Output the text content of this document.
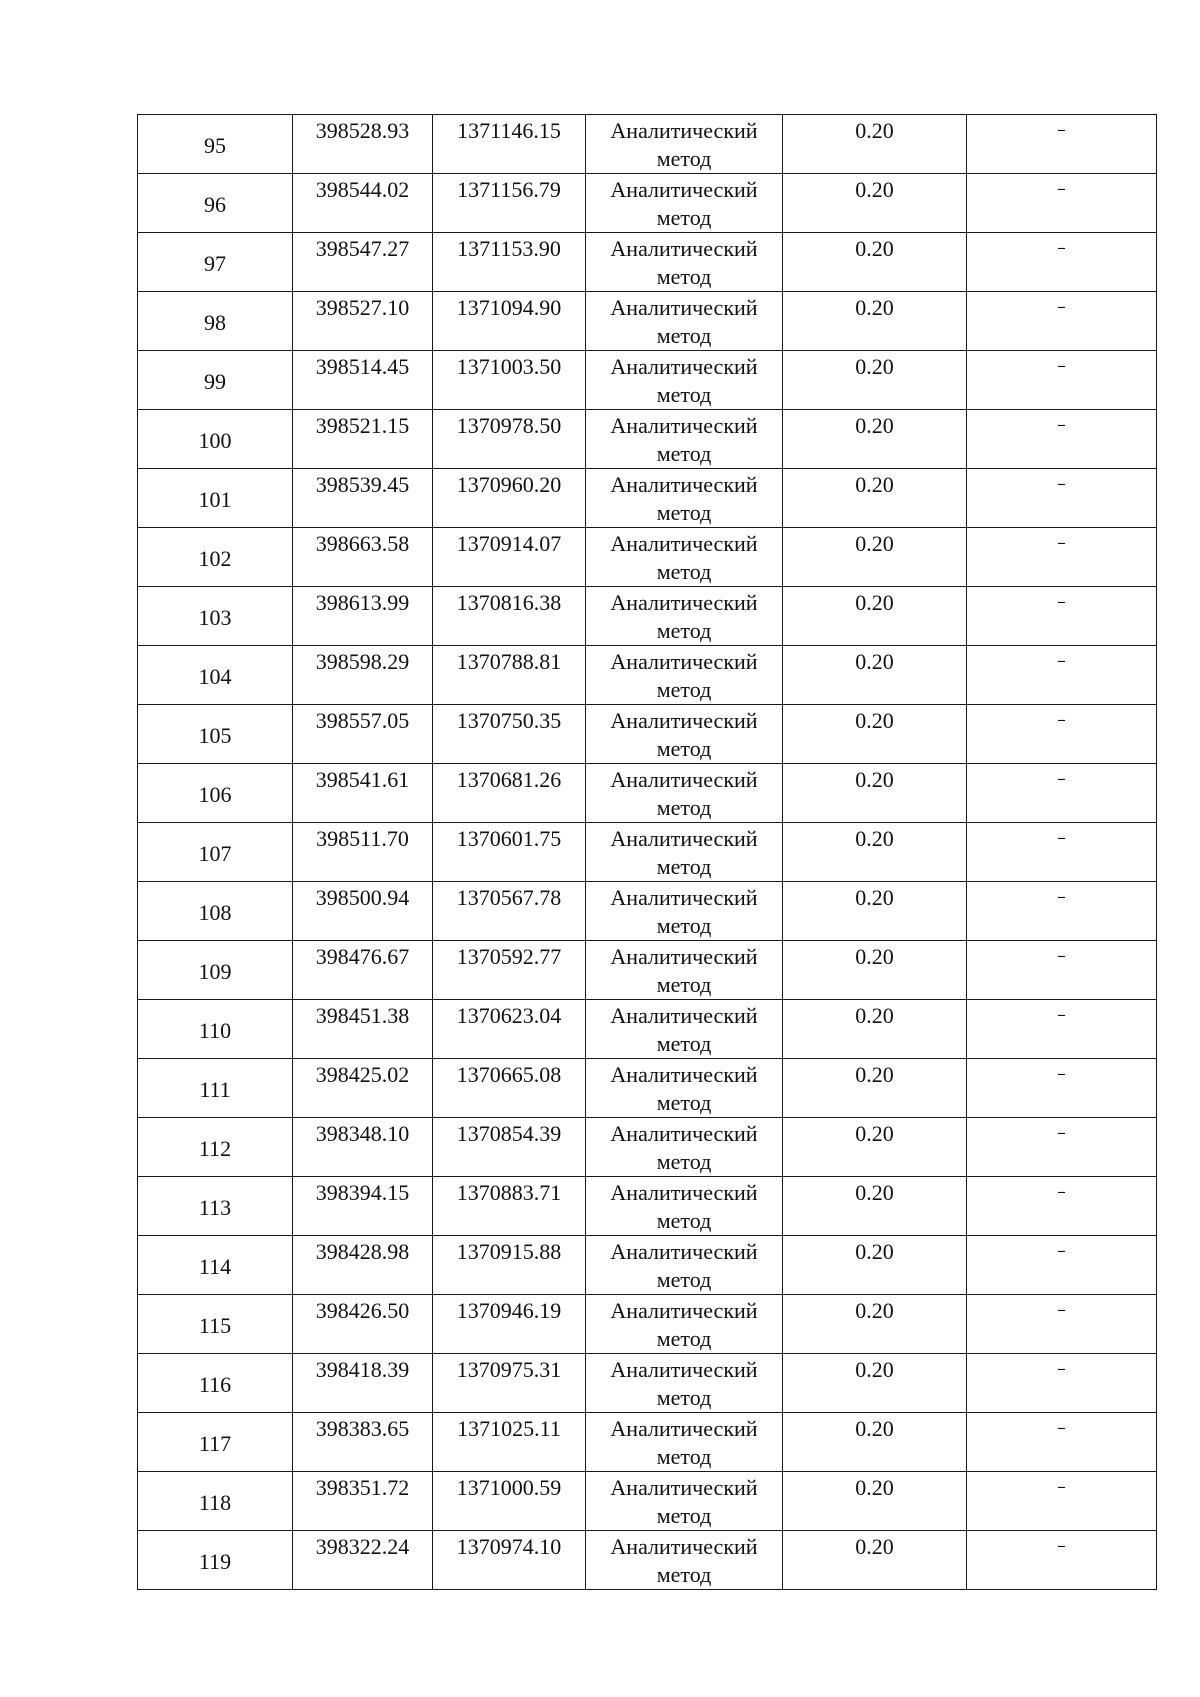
95	398528.93	1371146.15	Аналитический метод	0.20	–
96	398544.02	1371156.79	Аналитический метод	0.20	–
97	398547.27	1371153.90	Аналитический метод	0.20	–
98	398527.10	1371094.90	Аналитический метод	0.20	–
99	398514.45	1371003.50	Аналитический метод	0.20	–
100	398521.15	1370978.50	Аналитический метод	0.20	–
101	398539.45	1370960.20	Аналитический метод	0.20	–
102	398663.58	1370914.07	Аналитический метод	0.20	–
103	398613.99	1370816.38	Аналитический метод	0.20	–
104	398598.29	1370788.81	Аналитический метод	0.20	–
105	398557.05	1370750.35	Аналитический метод	0.20	–
106	398541.61	1370681.26	Аналитический метод	0.20	–
107	398511.70	1370601.75	Аналитический метод	0.20	–
108	398500.94	1370567.78	Аналитический метод	0.20	–
109	398476.67	1370592.77	Аналитический метод	0.20	–
110	398451.38	1370623.04	Аналитический метод	0.20	–
111	398425.02	1370665.08	Аналитический метод	0.20	–
112	398348.10	1370854.39	Аналитический метод	0.20	–
113	398394.15	1370883.71	Аналитический метод	0.20	–
114	398428.98	1370915.88	Аналитический метод	0.20	–
115	398426.50	1370946.19	Аналитический метод	0.20	–
116	398418.39	1370975.31	Аналитический метод	0.20	–
117	398383.65	1371025.11	Аналитический метод	0.20	–
118	398351.72	1371000.59	Аналитический метод	0.20	–
119	398322.24	1370974.10	Аналитический метод	0.20	–
